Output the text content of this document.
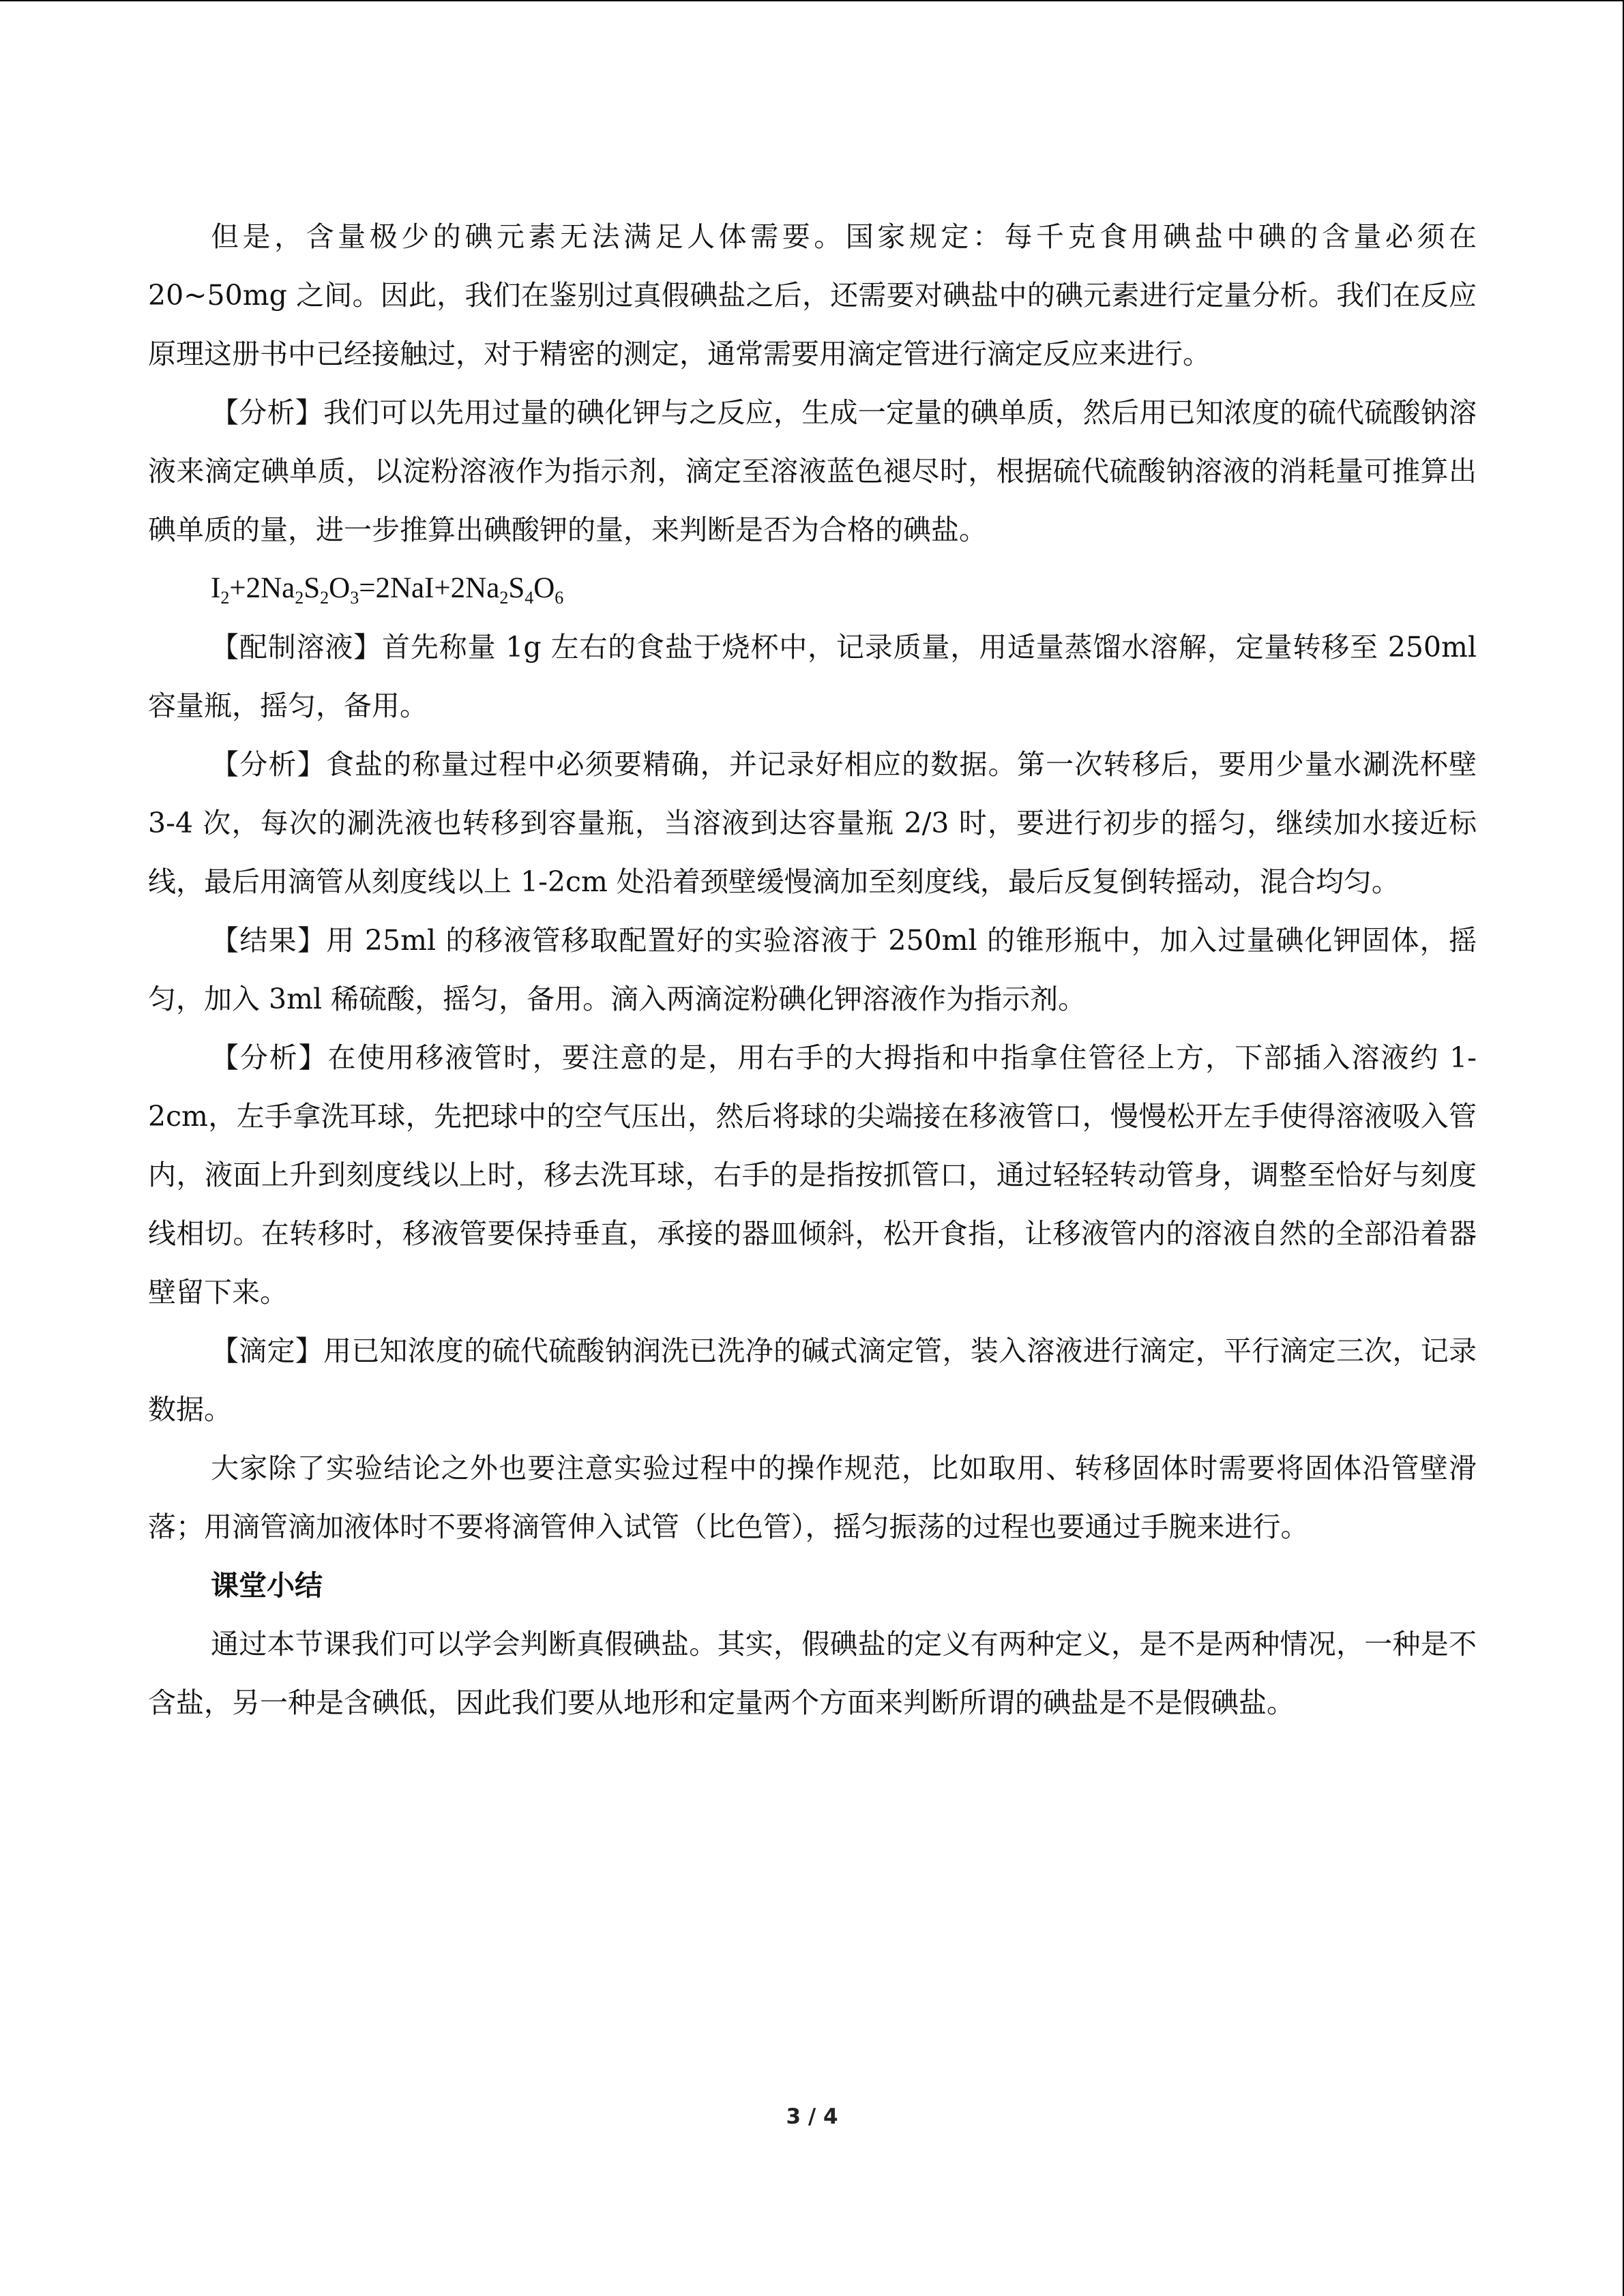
但是，含量极少的碘元素无法满足人体需要。国家规定：每千克食用碘盐中碘的含量必须在 20~50mg 之间。因此，我们在鉴别过真假碘盐之后，还需要对碘盐中的碘元素进行定量分析。我们在反应原理这册书中已经接触过，对于精密的测定，通常需要用滴定管进行滴定反应来进行。

【分析】我们可以先用过量的碘化钾与之反应，生成一定量的碘单质，然后用已知浓度的硫代硫酸钠溶液来滴定碘单质，以淀粉溶液作为指示剂，滴定至溶液蓝色褪尽时，根据硫代硫酸钠溶液的消耗量可推算出碘单质的量，进一步推算出碘酸钾的量，来判断是否为合格的碘盐。

$I_2+2Na_2S_2O_3=2NaI+2Na_2S_4O_6$

【配制溶液】首先称量 1g 左右的食盐于烧杯中，记录质量，用适量蒸馏水溶解，定量转移至 250ml 容量瓶，摇匀，备用。

【分析】食盐的称量过程中必须要精确，并记录好相应的数据。第一次转移后，要用少量水涮洗杯壁 3-4 次，每次的涮洗液也转移到容量瓶，当溶液到达容量瓶 2/3 时，要进行初步的摇匀，继续加水接近标线，最后用滴管从刻度线以上 1-2cm 处沿着颈壁缓慢滴加至刻度线，最后反复倒转摇动，混合均匀。

【结果】用 25ml 的移液管移取配置好的实验溶液于 250ml 的锥形瓶中，加入过量碘化钾固体，摇匀，加入 3ml 稀硫酸，摇匀，备用。滴入两滴淀粉碘化钾溶液作为指示剂。

【分析】在使用移液管时，要注意的是，用右手的大拇指和中指拿住管径上方，下部插入溶液约 1-2cm，左手拿洗耳球，先把球中的空气压出，然后将球的尖端接在移液管口，慢慢松开左手使得溶液吸入管内，液面上升到刻度线以上时，移去洗耳球，右手的是指按抓管口，通过轻轻转动管身，调整至恰好与刻度线相切。在转移时，移液管要保持垂直，承接的器皿倾斜，松开食指，让移液管内的溶液自然的全部沿着器壁留下来。

【滴定】用已知浓度的硫代硫酸钠润洗已洗净的碱式滴定管，装入溶液进行滴定，平行滴定三次，记录数据。

大家除了实验结论之外也要注意实验过程中的操作规范，比如取用、转移固体时需要将固体沿管壁滑落；用滴管滴加液体时不要将滴管伸入试管（比色管），摇匀振荡的过程也要通过手腕来进行。

课堂小结

通过本节课我们可以学会判断真假碘盐。其实，假碘盐的定义有两种定义，是不是两种情况，一种是不含盐，另一种是含碘低，因此我们要从地形和定量两个方面来判断所谓的碘盐是不是假碘盐。

3 / 4
